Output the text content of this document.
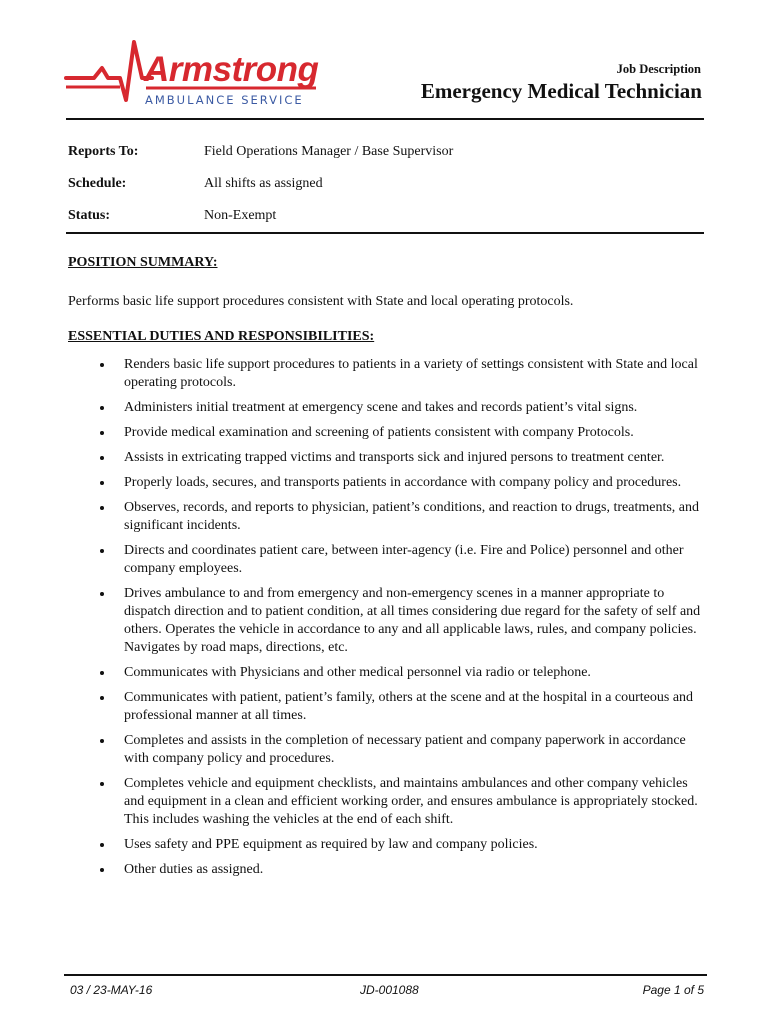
Armstrong
AMBULANCE SERVICE
Job Description
Emergency Medical Technician
Reports To:	Field Operations Manager / Base Supervisor
Schedule:	All shifts as assigned
Status:	Non-Exempt
POSITION SUMMARY:
Performs basic life support procedures consistent with State and local operating protocols.
ESSENTIAL DUTIES AND RESPONSIBILITIES:
Renders basic life support procedures to patients in a variety of settings consistent with State and local operating protocols.
Administers initial treatment at emergency scene and takes and records patient’s vital signs.
Provide medical examination and screening of patients consistent with company Protocols.
Assists in extricating trapped victims and transports sick and injured persons to treatment center.
Properly loads, secures, and transports patients in accordance with company policy and procedures.
Observes, records, and reports to physician, patient’s conditions, and reaction to drugs, treatments, and significant incidents.
Directs and coordinates patient care, between inter-agency (i.e. Fire and Police) personnel and other company employees.
Drives ambulance to and from emergency and non-emergency scenes in a manner appropriate to dispatch direction and to patient condition, at all times considering due regard for the safety of self and others. Operates the vehicle in accordance to any and all applicable laws, rules, and company policies. Navigates by road maps, directions, etc.
Communicates with Physicians and other medical personnel via radio or telephone.
Communicates with patient, patient’s family, others at the scene and at the hospital in a courteous and professional manner at all times.
Completes and assists in the completion of necessary patient and company paperwork in accordance with company policy and procedures.
Completes vehicle and equipment checklists, and maintains ambulances and other company vehicles and equipment in a clean and efficient working order, and ensures ambulance is appropriately stocked. This includes washing the vehicles at the end of each shift.
Uses safety and PPE equipment as required by law and company policies.
Other duties as assigned.
03 / 23-MAY-16	JD-001088	Page 1 of 5
